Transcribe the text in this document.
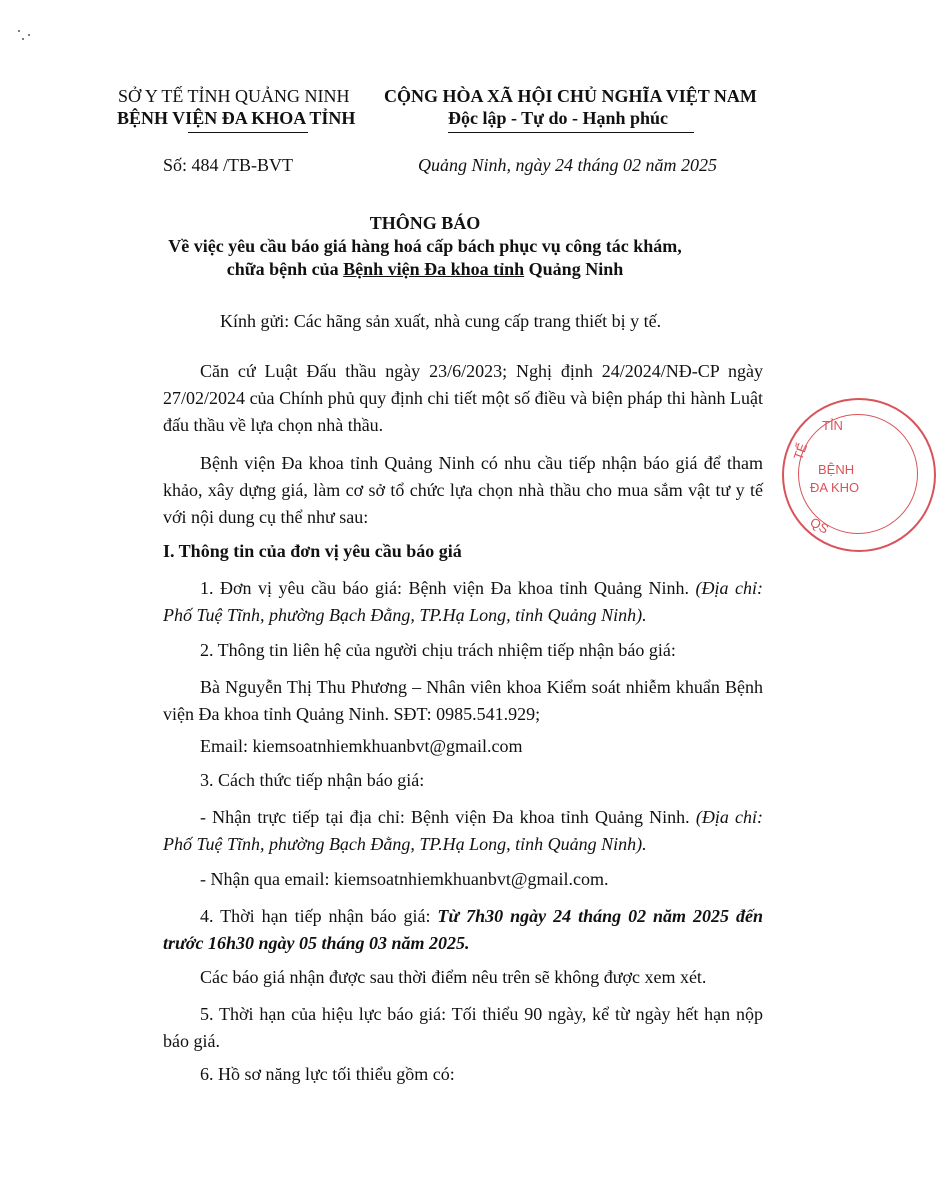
SỞ Y TẾ TỈNH QUẢNG NINH
BỆNH VIỆN ĐA KHOA TỈNH
CỘNG HÒA XÃ HỘI CHỦ NGHĨA VIỆT NAM
Độc lập - Tự do - Hạnh phúc
Số: 484 /TB-BVT	Quảng Ninh, ngày 24 tháng 02 năm 2025
THÔNG BÁO
Về việc yêu cầu báo giá hàng hoá cấp bách phục vụ công tác khám,
chữa bệnh của Bệnh viện Đa khoa tỉnh Quảng Ninh
Kính gửi: Các hãng sản xuất, nhà cung cấp trang thiết bị y tế.
Căn cứ Luật Đấu thầu ngày 23/6/2023; Nghị định 24/2024/NĐ-CP ngày 27/02/2024 của Chính phủ quy định chi tiết một số điều và biện pháp thi hành Luật đấu thầu về lựa chọn nhà thầu.
Bệnh viện Đa khoa tỉnh Quảng Ninh có nhu cầu tiếp nhận báo giá để tham khảo, xây dựng giá, làm cơ sở tổ chức lựa chọn nhà thầu cho mua sắm vật tư y tế với nội dung cụ thể như sau:
I. Thông tin của đơn vị yêu cầu báo giá
1. Đơn vị yêu cầu báo giá: Bệnh viện Đa khoa tỉnh Quảng Ninh. (Địa chỉ: Phố Tuệ Tĩnh, phường Bạch Đằng, TP.Hạ Long, tỉnh Quảng Ninh).
2. Thông tin liên hệ của người chịu trách nhiệm tiếp nhận báo giá:
Bà Nguyễn Thị Thu Phương – Nhân viên khoa Kiểm soát nhiễm khuẩn Bệnh viện Đa khoa tỉnh Quảng Ninh. SĐT: 0985.541.929;
Email: kiemsoatnhiemkhuanbvt@gmail.com
3. Cách thức tiếp nhận báo giá:
- Nhận trực tiếp tại địa chỉ: Bệnh viện Đa khoa tỉnh Quảng Ninh. (Địa chỉ: Phố Tuệ Tĩnh, phường Bạch Đằng, TP.Hạ Long, tỉnh Quảng Ninh).
- Nhận qua email: kiemsoatnhiemkhuanbvt@gmail.com.
4. Thời hạn tiếp nhận báo giá: Từ 7h30 ngày 24 tháng 02 năm 2025 đến trước 16h30 ngày 05 tháng 03 năm 2025.
Các báo giá nhận được sau thời điểm nêu trên sẽ không được xem xét.
5. Thời hạn của hiệu lực báo giá: Tối thiểu 90 ngày, kể từ ngày hết hạn nộp báo giá.
6. Hồ sơ năng lực tối thiểu gồm có:
TỈN
TẾ
BỆNH
ĐA KHO
QS
